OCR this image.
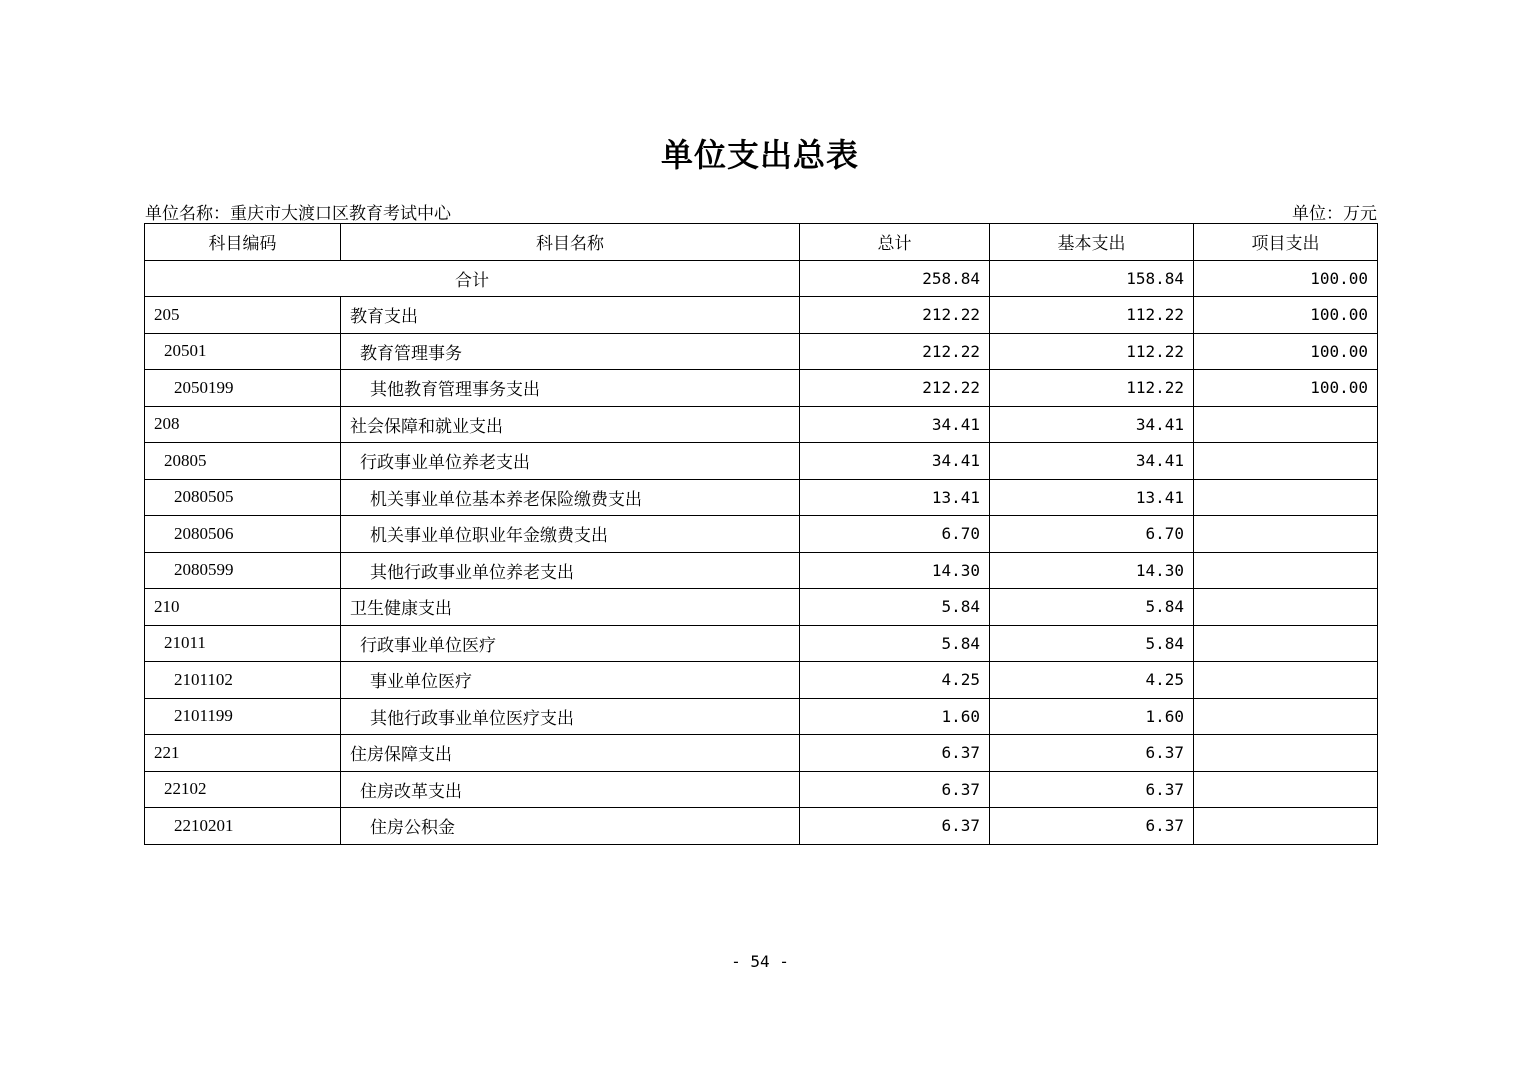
单位支出总表
单位名称：重庆市大渡口区教育考试中心	单位：万元
科目编码	科目名称	总计	基本支出	项目支出
合计		258.84	158.84	100.00
205	教育支出	212.22	112.22	100.00
20501	教育管理事务	212.22	112.22	100.00
2050199	其他教育管理事务支出	212.22	112.22	100.00
208	社会保障和就业支出	34.41	34.41	
20805	行政事业单位养老支出	34.41	34.41	
2080505	机关事业单位基本养老保险缴费支出	13.41	13.41	
2080506	机关事业单位职业年金缴费支出	6.70	6.70	
2080599	其他行政事业单位养老支出	14.30	14.30	
210	卫生健康支出	5.84	5.84	
21011	行政事业单位医疗	5.84	5.84	
2101102	事业单位医疗	4.25	4.25	
2101199	其他行政事业单位医疗支出	1.60	1.60	
221	住房保障支出	6.37	6.37	
22102	住房改革支出	6.37	6.37	
2210201	住房公积金	6.37	6.37	
- 54 -
